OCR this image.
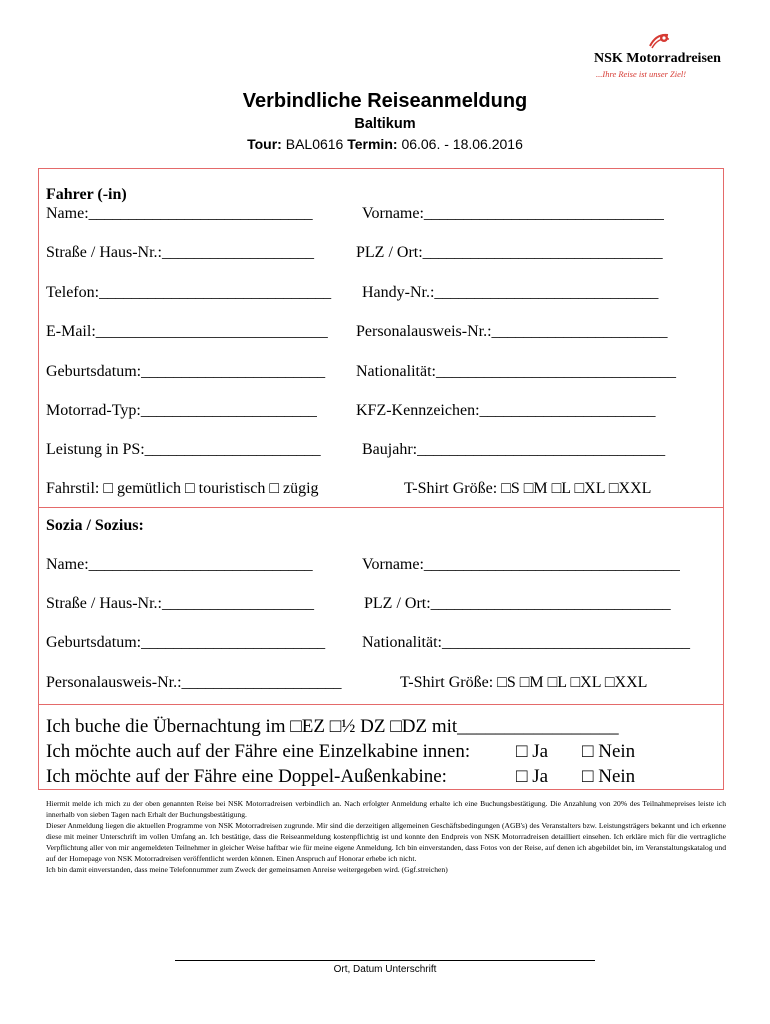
NSK Motorradreisen
...Ihre Reise ist unser Ziel!
Verbindliche Reiseanmeldung
Baltikum
Tour: BAL0616 Termin: 06.06. - 18.06.2016
Fahrer (-in)
Name:____________________________	Vorname:______________________________
Straße / Haus-Nr.:___________________	PLZ / Ort:______________________________
Telefon:_____________________________ Handy-Nr.:____________________________
E-Mail:_____________________________ Personalausweis-Nr.:______________________
Geburtsdatum:_______________________ Nationalität:______________________________
Motorrad-Typ:______________________ KFZ-Kennzeichen:______________________
Leistung in PS:______________________	Baujahr:_______________________________
Fahrstil: □ gemütlich □ touristisch □ zügig	T-Shirt Größe: □S □M □L □XL □XXL
Sozia / Sozius:
Name:____________________________	Vorname:________________________________
Straße / Haus-Nr.:___________________	PLZ / Ort:______________________________
Geburtsdatum:_______________________ Nationalität:_______________________________
Personalausweis-Nr.:____________________	T-Shirt Größe: □S □M □L □XL □XXL
Ich buche die Übernachtung im □EZ □½ DZ □DZ mit_________________
Ich möchte auch auf der Fähre eine Einzelkabine innen: □ Ja □ Nein
Ich möchte auf der Fähre eine Doppel-Außenkabine:	□ Ja □ Nein

Hiermit melde ich mich zu der oben genannten Reise bei NSK Motorradreisen verbindlich an. Nach erfolgter Anmeldung erhalte ich eine Buchungsbestätigung. Die Anzahlung von 20% des Teilnahmepreises leiste ich innerhalb von sieben Tagen nach Erhalt der Buchungsbestätigung.

Dieser Anmeldung liegen die aktuellen Programme von NSK Motorradreisen zugrunde. Mir sind die derzeitigen allgemeinen Geschäftsbedingungen (AGB's) des Veranstalters bzw. Leistungsträgers bekannt und ich erkenne diese mit meiner Unterschrift im vollen Umfang an. Ich bestätige, dass die Reiseanmeldung kostenpflichtig ist und konnte den Endpreis von NSK Motorradreisen detailliert einsehen. Ich erkläre mich für die vertragliche Verpflichtung aller von mir angemeldeten Teilnehmer in gleicher Weise haftbar wie für meine eigene Anmeldung. Ich bin einverstanden, dass Fotos von der Reise, auf denen ich abgebildet bin, im Veranstaltungskatalog und auf der Homepage von NSK Motorradreisen veröffentlicht werden können. Einen Anspruch auf Honorar erhebe ich nicht.

Ich bin damit einverstanden, dass meine Telefonnummer zum Zweck der gemeinsamen Anreise weitergegeben wird. (Ggf.streichen)

Ort, Datum Unterschrift
